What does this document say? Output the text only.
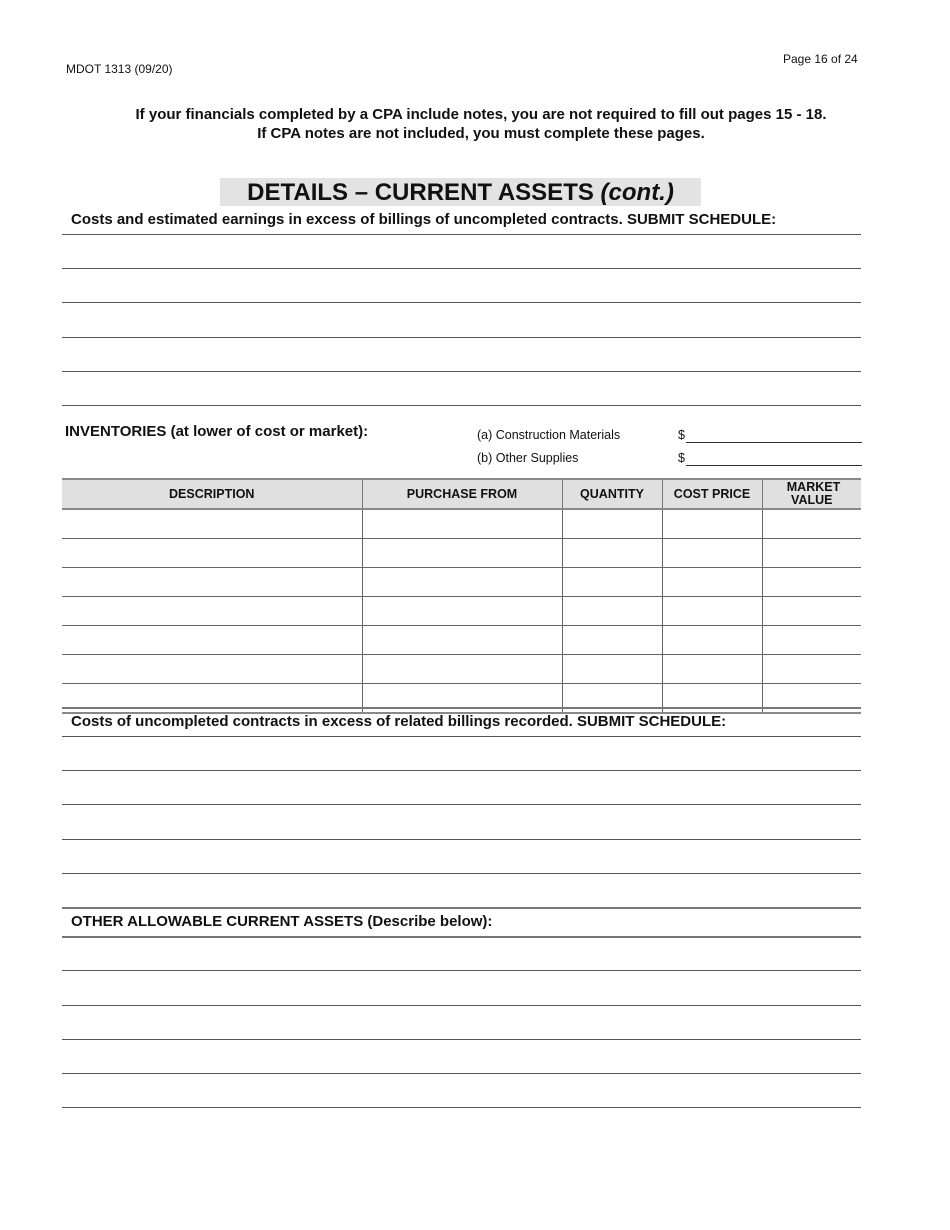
MDOT 1313 (09/20)
Page 16 of 24
If your financials completed by a CPA include notes, you are not required to fill out pages 15 - 18.
If CPA notes are not included, you must complete these pages.
DETAILS – CURRENT ASSETS (cont.)
Costs and estimated earnings in excess of billings of uncompleted contracts. SUBMIT SCHEDULE:
INVENTORIES (at lower of cost or market):	(a) Construction Materials	$
(b) Other Supplies	$
DESCRIPTION	PURCHASE FROM	QUANTITY	COST PRICE	MARKET VALUE

Costs of uncompleted contracts in excess of related billings recorded. SUBMIT SCHEDULE:
OTHER ALLOWABLE CURRENT ASSETS (Describe below):
